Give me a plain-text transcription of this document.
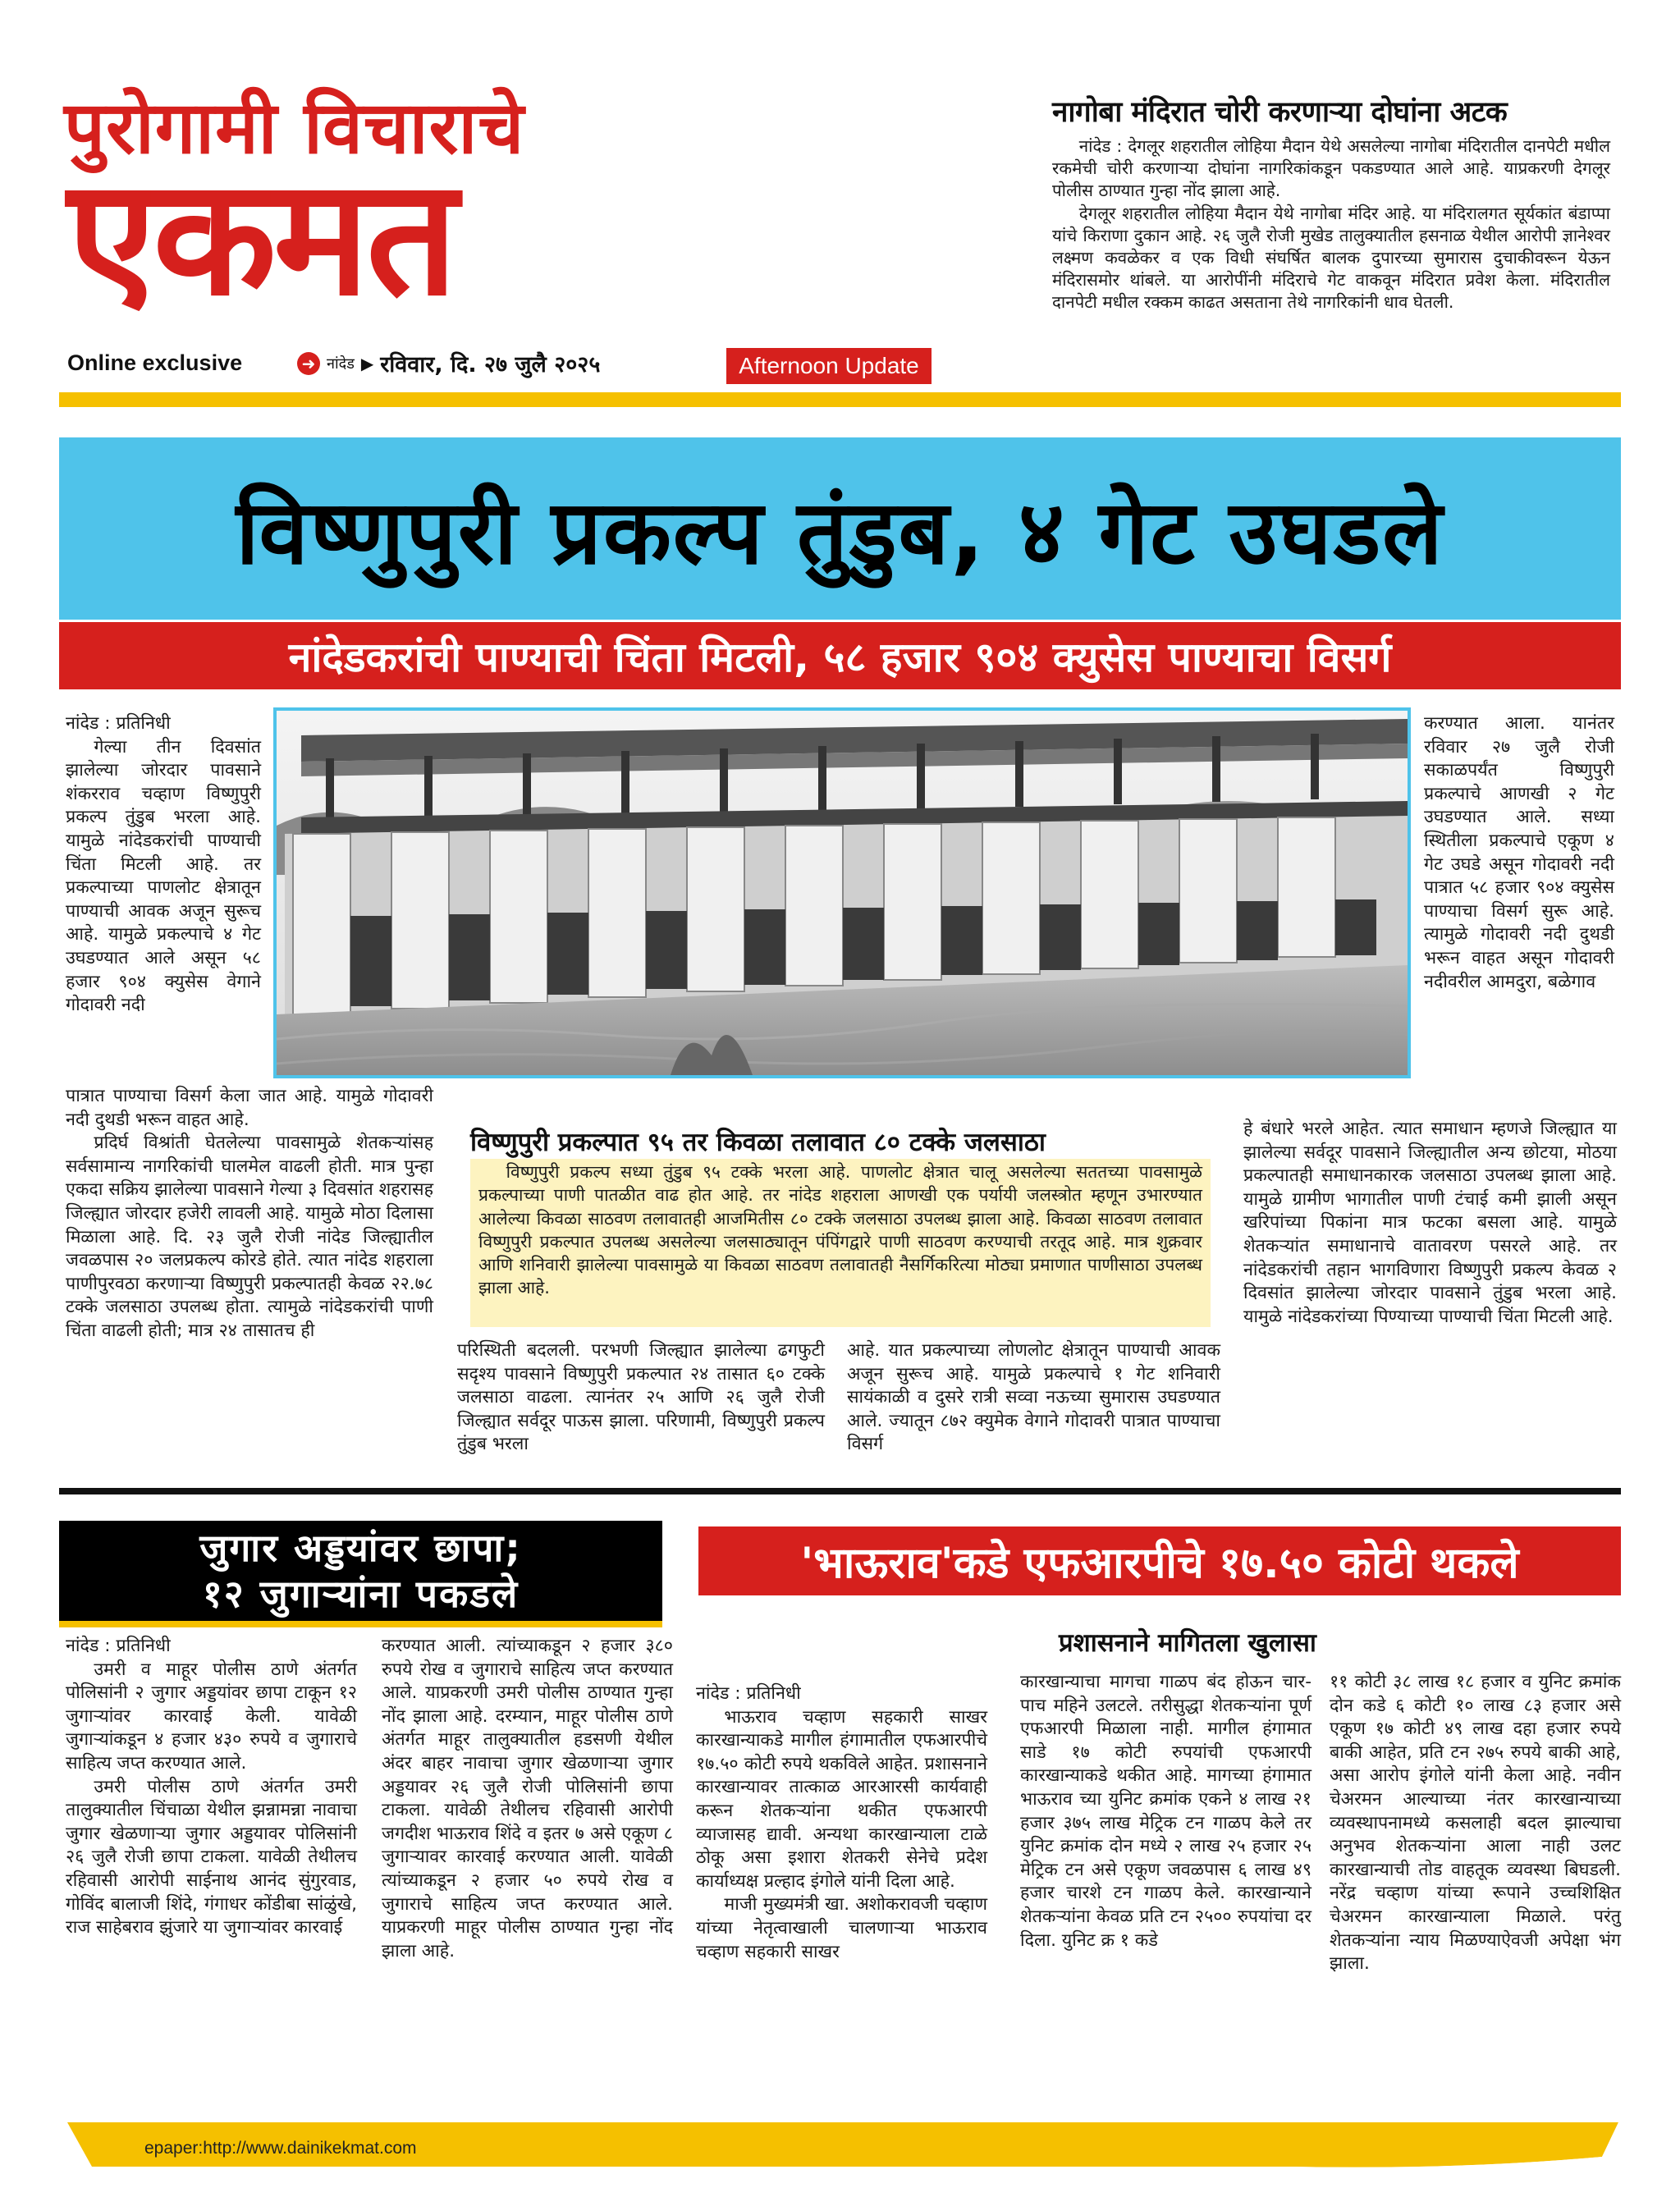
पुरोगामी विचाराचे
एकमत
Online exclusive	➜ नांदेड ▶ रविवार, दि. २७ जुलै २०२५	Afternoon Update
नागोबा मंदिरात चोरी करणाऱ्या दोघांना अटक

नांदेड : देगलूर शहरातील लोहिया मैदान येथे असलेल्या नागोबा मंदिरातील दानपेटी मधील रकमेची चोरी करणाऱ्या दोघांना नागरिकांकडून पकडण्यात आले आहे. याप्रकरणी देगलूर पोलीस ठाण्यात गुन्हा नोंद झाला आहे.

देगलूर शहरातील लोहिया मैदान येथे नागोबा मंदिर आहे. या मंदिरालगत सूर्यकांत बंडाप्पा यांचे किराणा दुकान आहे. २६ जुलै रोजी मुखेड तालुक्यातील हसनाळ येथील आरोपी ज्ञानेश्वर लक्ष्मण कवळेकर व एक विधी संघर्षित बालक दुपारच्या सुमारास दुचाकीवरून येऊन मंदिरासमोर थांबले. या आरोपींनी मंदिराचे गेट वाकवून मंदिरात प्रवेश केला. मंदिरातील दानपेटी मधील रक्कम काढत असताना तेथे नागरिकांनी धाव घेतली.

विष्णुपुरी प्रकल्प तुंडुब, ४ गेट उघडले
नांदेडकरांची पाण्याची चिंता मिटली, ५८ हजार ९०४ क्युसेस पाण्याचा विसर्ग

नांदेड : प्रतिनिधी

गेल्या तीन दिवसांत झालेल्या जोरदार पावसाने शंकरराव चव्हाण विष्णुपुरी प्रकल्प तुंडुब भरला आहे. यामुळे नांदेडकरांची पाण्याची चिंता मिटली आहे. तर प्रकल्पाच्या पाणलोट क्षेत्रातून पाण्याची आवक अजून सुरूच आहे. यामुळे प्रकल्पाचे ४ गेट उघडण्यात आले असून ५८ हजार ९०४ क्युसेस वेगाने गोदावरी नदी

करण्यात आला. यानंतर रविवार २७ जुलै रोजी सकाळपर्यंत विष्णुपुरी प्रकल्पाचे आणखी २ गेट उघडण्यात आले. सध्या स्थितीला प्रकल्पाचे एकूण ४ गेट उघडे असून गोदावरी नदी पात्रात ५८ हजार ९०४ क्युसेस पाण्याचा विसर्ग सुरू आहे. त्यामुळे गोदावरी नदी दुथडी भरून वाहत असून गोदावरी नदीवरील आमदुरा, बळेगाव

पात्रात पाण्याचा विसर्ग केला जात आहे. यामुळे गोदावरी नदी दुथडी भरून वाहत आहे.

प्रदिर्घ विश्रांती घेतलेल्या पावसामुळे शेतकऱ्यांसह सर्वसामान्य नागरिकांची घालमेल वाढली होती. मात्र पुन्हा एकदा सक्रिय झालेल्या पावसाने गेल्या ३ दिवसांत शहरासह जिल्ह्यात जोरदार हजेरी लावली आहे. यामुळे मोठा दिलासा मिळाला आहे. दि. २३ जुलै रोजी नांदेड जिल्ह्यातील जवळपास २० जलप्रकल्प कोरडे होते. त्यात नांदेड शहराला पाणीपुरवठा करणाऱ्या विष्णुपुरी प्रकल्पातही केवळ २२.७८ टक्के जलसाठा उपलब्ध होता. त्यामुळे नांदेडकरांची पाणी चिंता वाढली होती; मात्र २४ तासातच ही

विष्णुपुरी प्रकल्पात ९५ तर किवळा तलावात ८० टक्के जलसाठा

विष्णुपुरी प्रकल्प सध्या तुंडुब ९५ टक्के भरला आहे. पाणलोट क्षेत्रात चालू असलेल्या सततच्या पावसामुळे प्रकल्पाच्या पाणी पातळीत वाढ होत आहे. तर नांदेड शहराला आणखी एक पर्यायी जलस्त्रोत म्हणून उभारण्यात आलेल्या किवळा साठवण तलावातही आजमितीस ८० टक्के जलसाठा उपलब्ध झाला आहे. किवळा साठवण तलावात विष्णुपुरी प्रकल्पात उपलब्ध असलेल्या जलसाठ्यातून पंपिंगद्वारे पाणी साठवण करण्याची तरतूद आहे. मात्र शुक्रवार आणि शनिवारी झालेल्या पावसामुळे या किवळा साठवण तलावातही नैसर्गिकरित्या मोठ्या प्रमाणात पाणीसाठा उपलब्ध झाला आहे.

परिस्थिती बदलली. परभणी जिल्ह्यात झालेल्या ढगफुटी सदृश्य पावसाने विष्णुपुरी प्रकल्पात २४ तासात ६० टक्के जलसाठा वाढला. त्यानंतर २५ आणि २६ जुलै रोजी जिल्ह्यात सर्वदूर पाऊस झाला. परिणामी, विष्णुपुरी प्रकल्प तुंडुब भरला

आहे. यात प्रकल्पाच्या लोणलोट क्षेत्रातून पाण्याची आवक अजून सुरूच आहे. यामुळे प्रकल्पाचे १ गेट शनिवारी सायंकाळी व दुसरे रात्री सव्वा नऊच्या सुमारास उघडण्यात आले. ज्यातून ८७२ क्युमेक वेगाने गोदावरी पात्रात पाण्याचा विसर्ग

हे बंधारे भरले आहेत. त्यात समाधान म्हणजे जिल्ह्यात या झालेल्या सर्वदूर पावसाने जिल्ह्यातील अन्य छोटया, मोठया प्रकल्पातही समाधानकारक जलसाठा उपलब्ध झाला आहे. यामुळे ग्रामीण भागातील पाणी टंचाई कमी झाली असून खरिपांच्या पिकांना मात्र फटका बसला आहे. यामुळे शेतकऱ्यांत समाधानाचे वातावरण पसरले आहे. तर नांदेडकरांची तहान भागविणारा विष्णुपुरी प्रकल्प केवळ २ दिवसांत झालेल्या जोरदार पावसाने तुंडुब भरला आहे. यामुळे नांदेडकरांच्या पिण्याच्या पाण्याची चिंता मिटली आहे.

जुगार अड्डयांवर छापा;
१२ जुगाऱ्यांना पकडले

नांदेड : प्रतिनिधी

उमरी व माहूर पोलीस ठाणे अंतर्गत पोलिसांनी २ जुगार अड्डयांवर छापा टाकून १२ जुगाऱ्यांवर कारवाई केली. यावेळी जुगाऱ्यांकडून ४ हजार ४३० रुपये व जुगाराचे साहित्य जप्त करण्यात आले.

उमरी पोलीस ठाणे अंतर्गत उमरी तालुक्यातील चिंचाळा येथील झन्नामन्ना नावाचा जुगार खेळणाऱ्या जुगार अड्डयावर पोलिसांनी २६ जुलै रोजी छापा टाकला. यावेळी तेथीलच रहिवासी आरोपी साईनाथ आनंद सुंगुरवाड, गोविंद बालाजी शिंदे, गंगाधर कोंडीबा सांळुंखे, राज साहेबराव झुंजारे या जुगाऱ्यांवर कारवाई

करण्यात आली. त्यांच्याकडून २ हजार ३८० रुपये रोख व जुगाराचे साहित्य जप्त करण्यात आले. याप्रकरणी उमरी पोलीस ठाण्यात गुन्हा नोंद झाला आहे. दरम्यान, माहूर पोलीस ठाणे अंतर्गत माहूर तालुक्यातील हडसणी येथील अंदर बाहर नावाचा जुगार खेळणाऱ्या जुगार अड्डयावर २६ जुलै रोजी पोलिसांनी छापा टाकला. यावेळी तेथीलच रहिवासी आरोपी जगदीश भाऊराव शिंदे व इतर ७ असे एकूण ८ जुगाऱ्यावर कारवाई करण्यात आली. यावेळी त्यांच्याकडून २ हजार ५० रुपये रोख व जुगाराचे साहित्य जप्त करण्यात आले. याप्रकरणी माहूर पोलीस ठाण्यात गुन्हा नोंद झाला आहे.

'भाऊराव'कडे एफआरपीचे १७.५० कोटी थकले
प्रशासनाने मागितला खुलासा

नांदेड : प्रतिनिधी

भाऊराव चव्हाण सहकारी साखर कारखान्याकडे मागील हंगामातील एफआरपीचे १७.५० कोटी रुपये थकविले आहेत. प्रशासनाने कारखान्यावर तात्काळ आरआरसी कार्यवाही करून शेतकऱ्यांना थकीत एफआरपी व्याजासह द्यावी. अन्यथा कारखान्याला टाळे ठोकू असा इशारा शेतकरी सेनेचे प्रदेश कार्याध्यक्ष प्रल्हाद इंगोले यांनी दिला आहे.

माजी मुख्यमंत्री खा. अशोकरावजी चव्हाण यांच्या नेतृत्वाखाली चालणाऱ्या भाऊराव चव्हाण सहकारी साखर

कारखान्याचा मागचा गाळप बंद होऊन चार-पाच महिने उलटले. तरीसुद्धा शेतकऱ्यांना पूर्ण एफआरपी मिळाला नाही. मागील हंगामात साडे १७ कोटी रुपयांची एफआरपी कारखान्याकडे थकीत आहे. मागच्या हंगामात भाऊराव च्या युनिट क्रमांक एकने ४ लाख २१ हजार ३७५ लाख मेट्रिक टन गाळप केले तर युनिट क्रमांक दोन मध्ये २ लाख २५ हजार २५ मेट्रिक टन असे एकूण जवळपास ६ लाख ४९ हजार चारशे टन गाळप केले. कारखान्याने शेतकऱ्यांना केवळ प्रति टन २५०० रुपयांचा दर दिला. युनिट क्र १ कडे

११ कोटी ३८ लाख १८ हजार व युनिट क्रमांक दोन कडे ६ कोटी १० लाख ८३ हजार असे एकूण १७ कोटी ४९ लाख दहा हजार रुपये बाकी आहेत, प्रति टन २७५ रुपये बाकी आहे, असा आरोप इंगोले यांनी केला आहे. नवीन चेअरमन आल्याच्या नंतर कारखान्याच्या व्यवस्थापनामध्ये कसलाही बदल झाल्याचा अनुभव शेतकऱ्यांना आला नाही उलट कारखान्याची तोड वाहतूक व्यवस्था बिघडली. नरेंद्र चव्हाण यांच्या रूपाने उच्चशिक्षित चेअरमन कारखान्याला मिळाले. परंतु शेतकऱ्यांना न्याय मिळण्याऐवजी अपेक्षा भंग झाला.

epaper:http://www.dainikekmat.com
